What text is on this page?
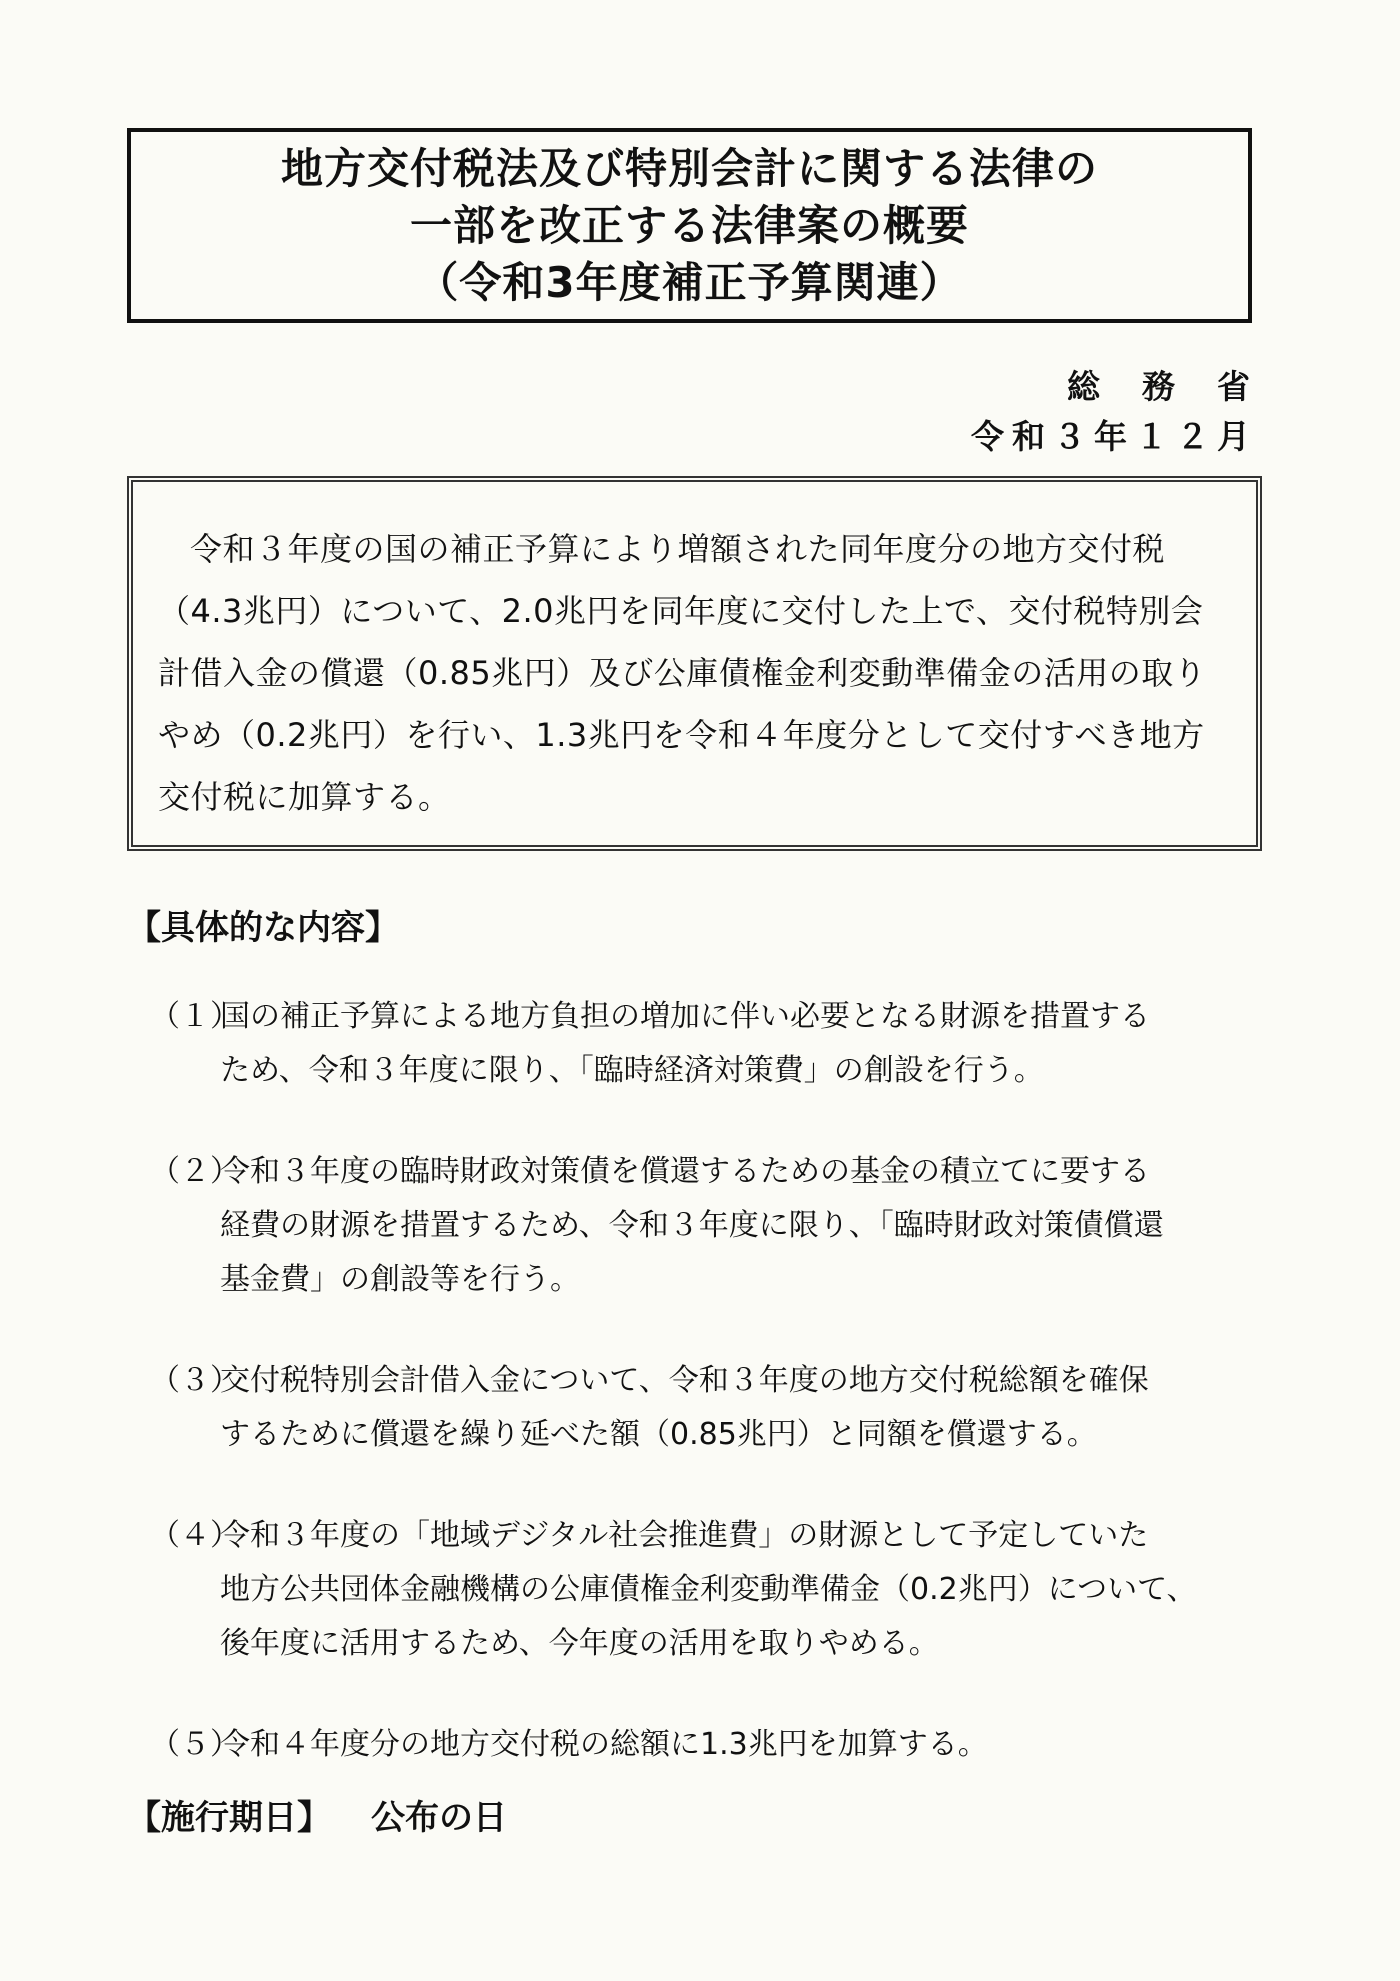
地方交付税法及び特別会計に関する法律の
一部を改正する法律案の概要
（令和3年度補正予算関連）
総務省
令和３年１２月
令和３年度の国の補正予算により増額された同年度分の地方交付税（4.3兆円）について、2.0兆円を同年度に交付した上で、交付税特別会計借入金の償還（0.85兆円）及び公庫債権金利変動準備金の活用の取りやめ（0.2兆円）を行い、1.3兆円を令和４年度分として交付すべき地方交付税に加算する。
【具体的な内容】
（１）
国の補正予算による地方負担の増加に伴い必要となる財源を措置する
ため、令和３年度に限り、「臨時経済対策費」の創設を行う。
（２）
令和３年度の臨時財政対策債を償還するための基金の積立てに要する
経費の財源を措置するため、令和３年度に限り、「臨時財政対策債償還
基金費」の創設等を行う。
（３）
交付税特別会計借入金について、令和３年度の地方交付税総額を確保
するために償還を繰り延べた額（0.85兆円）と同額を償還する。
（４）
令和３年度の「地域デジタル社会推進費」の財源として予定していた
地方公共団体金融機構の公庫債権金利変動準備金（0.2兆円）について、
後年度に活用するため、今年度の活用を取りやめる。
（５）
令和４年度分の地方交付税の総額に1.3兆円を加算する。
【施行期日】 公布の日
